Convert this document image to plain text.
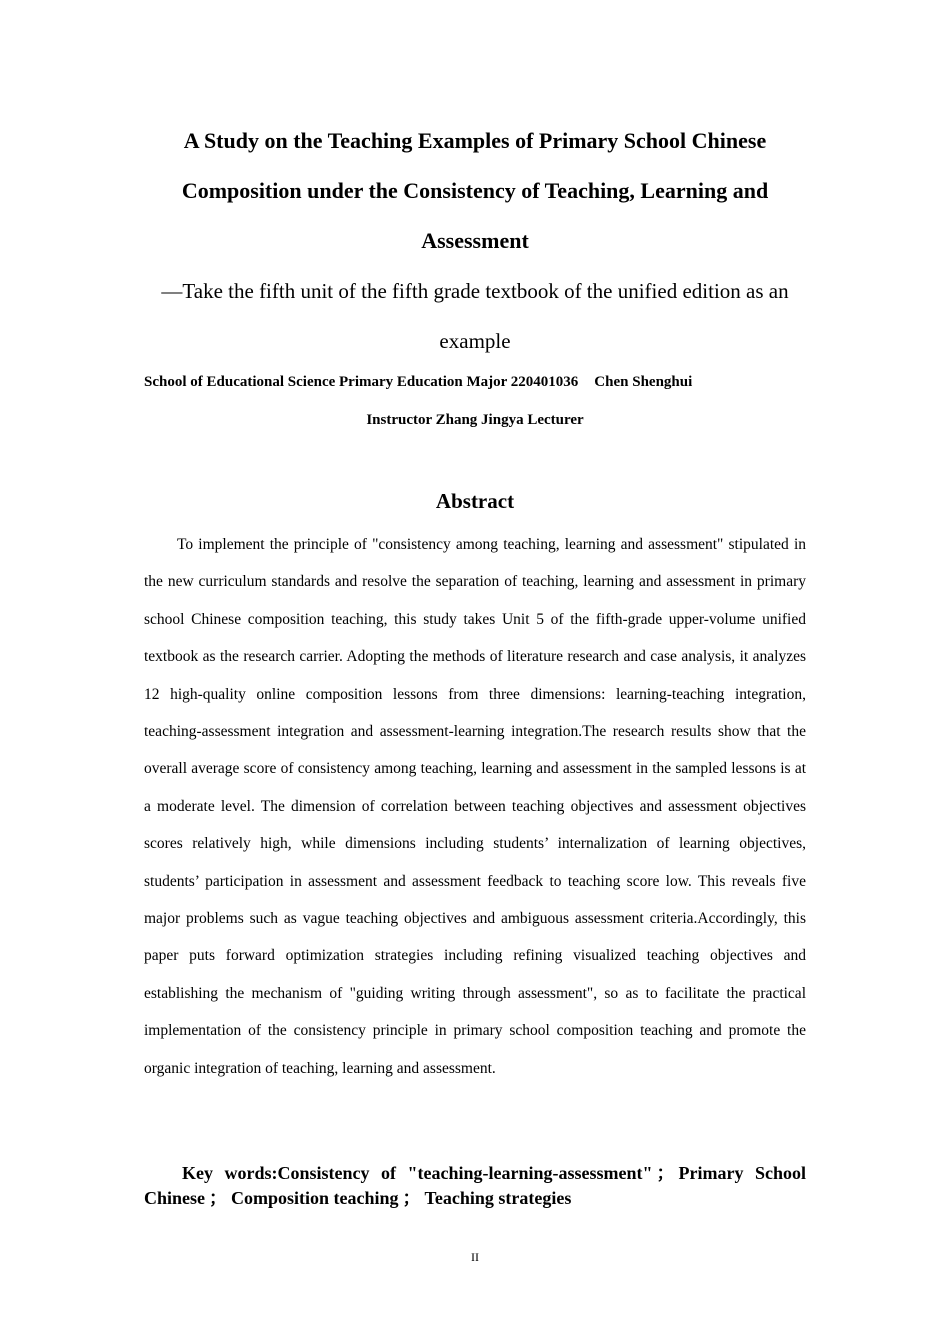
A Study on the Teaching Examples of Primary School Chinese Composition under the Consistency of Teaching, Learning and Assessment
—Take the fifth unit of the fifth grade textbook of the unified edition as an example
School of Educational Science Primary Education Major 220401036 Chen Shenghui
Instructor Zhang Jingya Lecturer
Abstract

To implement the principle of "consistency among teaching, learning and assessment" stipulated in the new curriculum standards and resolve the separation of teaching, learning and assessment in primary school Chinese composition teaching, this study takes Unit 5 of the fifth-grade upper-volume unified textbook as the research carrier. Adopting the methods of literature research and case analysis, it analyzes 12 high-quality online composition lessons from three dimensions: learning-teaching integration, teaching-assessment integration and assessment-learning integration.The research results show that the overall average score of consistency among teaching, learning and assessment in the sampled lessons is at a moderate level. The dimension of correlation between teaching objectives and assessment objectives scores relatively high, while dimensions including students’ internalization of learning objectives, students’ participation in assessment and assessment feedback to teaching score low. This reveals five major problems such as vague teaching objectives and ambiguous assessment criteria.Accordingly, this paper puts forward optimization strategies including refining visualized teaching objectives and establishing the mechanism of "guiding writing through assessment", so as to facilitate the practical implementation of the consistency principle in primary school composition teaching and promote the organic integration of teaching, learning and assessment.

Key words:Consistency of "teaching-learning-assessment" ； Primary School Chinese ； Composition teaching ； Teaching strategies

II
